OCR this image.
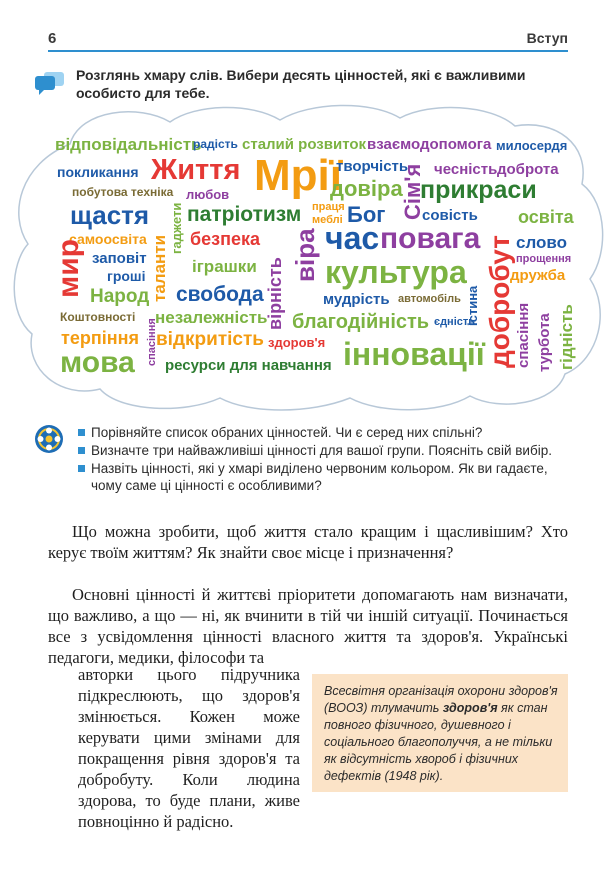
6	Вступ
Розглянь хмару слів. Вибери десять цінностей, які є важливими особисто для тебе.
відповідальність
радість сталий розвиток взаємодопомога милосердя
покликання Життя Мрії
творчість чесність доброта
побутова техніка любов	довіра
Сім'я
прикраси
щастя гаджети патріотизм праця
меблі Бог совість освіта
самоосвіта таланти безпека віра час повага добробут слово
прощення
мир заповіт
гроші	іграшки культура	дружба
Народ свобода вірність	мудрість автомобіль істина
Коштовності незалежність благодійність єдність
терпіння відкритість здоров'я
спасіння	спасіння
мова ресурси для навчання інновації	турбота гідність
Порівняйте список обраних цінностей. Чи є серед них спільні?
Визначте три найважливіші цінності для вашої групи. Поясніть свій вибір.
Назвіть цінності, які у хмарі виділено червоним кольором. Як ви гадаєте, чому саме ці цінності є особливими?
Що можна зробити, щоб життя стало кращим і щасливішим? Хто керує твоїм життям? Як знайти своє місце і призначення?
Основні цінності й життєві пріоритети допомагають нам визначати, що важливо, а що — ні, як вчинити в тій чи іншій ситуації. Починається все з усвідомлення цінності власного життя та здоров'я. Українські педагоги, медики, філософи та
авторки цього підручника підкреслюють, що здоров'я змінюється. Кожен може керувати цими змінами для покращення рівня здоров'я та добробуту. Коли людина здорова, то буде плани, живе повноцінно й радісно.
Всесвітня організація охорони здоров'я (ВООЗ) тлумачить здоров'я як стан повного фізичного, душевного і соціального благополуччя, а не тільки як відсутність хвороб і фізичних дефектів (1948 рік).
